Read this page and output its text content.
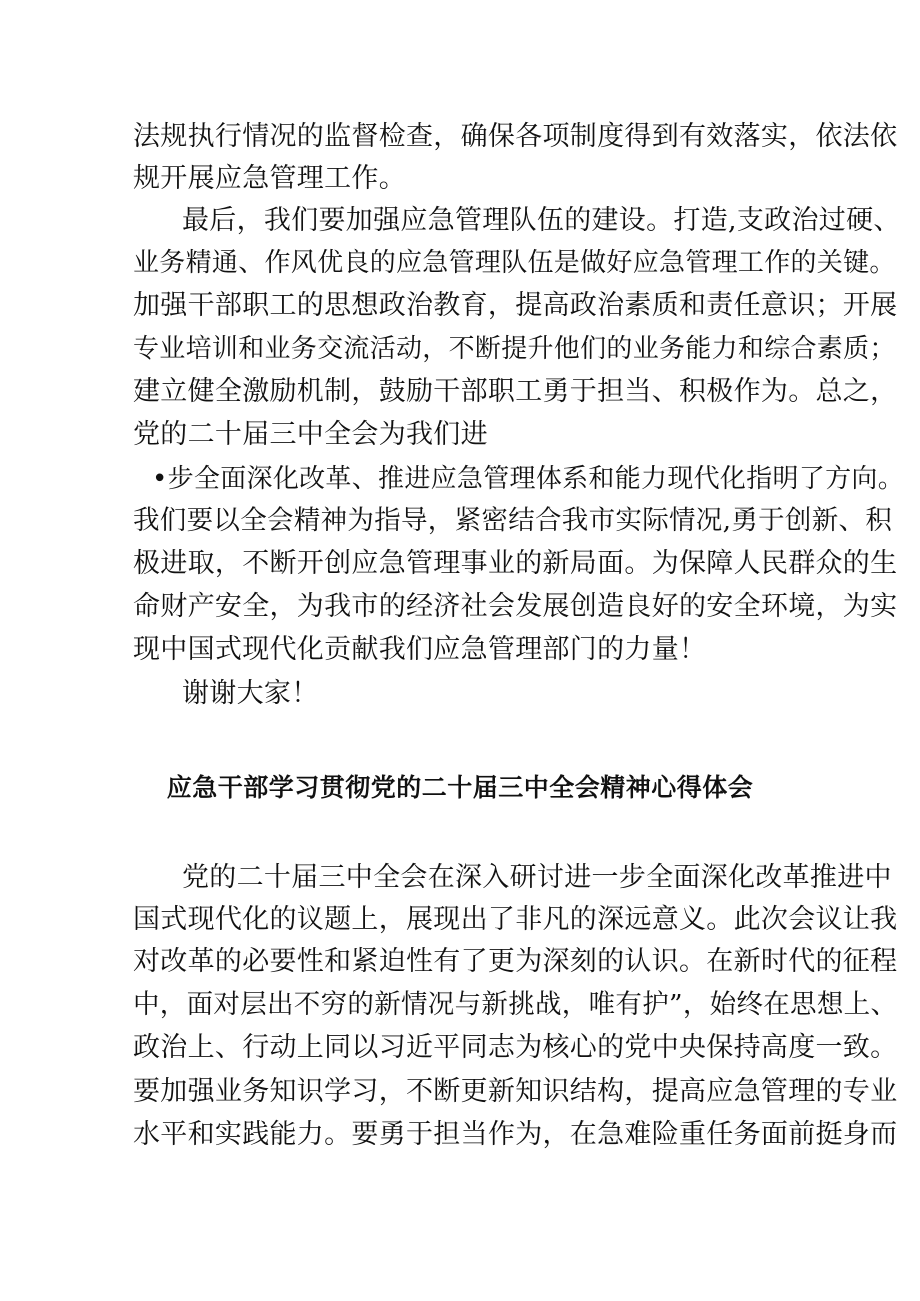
法规执行情况的监督检查，确保各项制度得到有效落实，依法依
规开展应急管理工作。
最后，我们要加强应急管理队伍的建设。打造,支政治过硬、
业务精通、作风优良的应急管理队伍是做好应急管理工作的关键。
加强干部职工的思想政治教育，提高政治素质和责任意识；开展
专业培训和业务交流活动，不断提升他们的业务能力和综合素质；
建立健全激励机制，鼓励干部职工勇于担当、积极作为。总之，
党的二十届三中全会为我们进
•步全面深化改革、推进应急管理体系和能力现代化指明了方向。
我们要以全会精神为指导，紧密结合我市实际情况,勇于创新、积
极进取，不断开创应急管理事业的新局面。为保障人民群众的生
命财产安全，为我市的经济社会发展创造良好的安全环境，为实
现中国式现代化贡献我们应急管理部门的力量！
谢谢大家！
应急干部学习贯彻党的二十届三中全会精神心得体会
党的二十届三中全会在深入研讨进一步全面深化改革推进中
国式现代化的议题上，展现出了非凡的深远意义。此次会议让我
对改革的必要性和紧迫性有了更为深刻的认识。在新时代的征程
中，面对层出不穷的新情况与新挑战，唯有护”，始终在思想上、
政治上、行动上同以习近平同志为核心的党中央保持高度一致。
要加强业务知识学习，不断更新知识结构，提高应急管理的专业
水平和实践能力。要勇于担当作为，在急难险重任务面前挺身而
